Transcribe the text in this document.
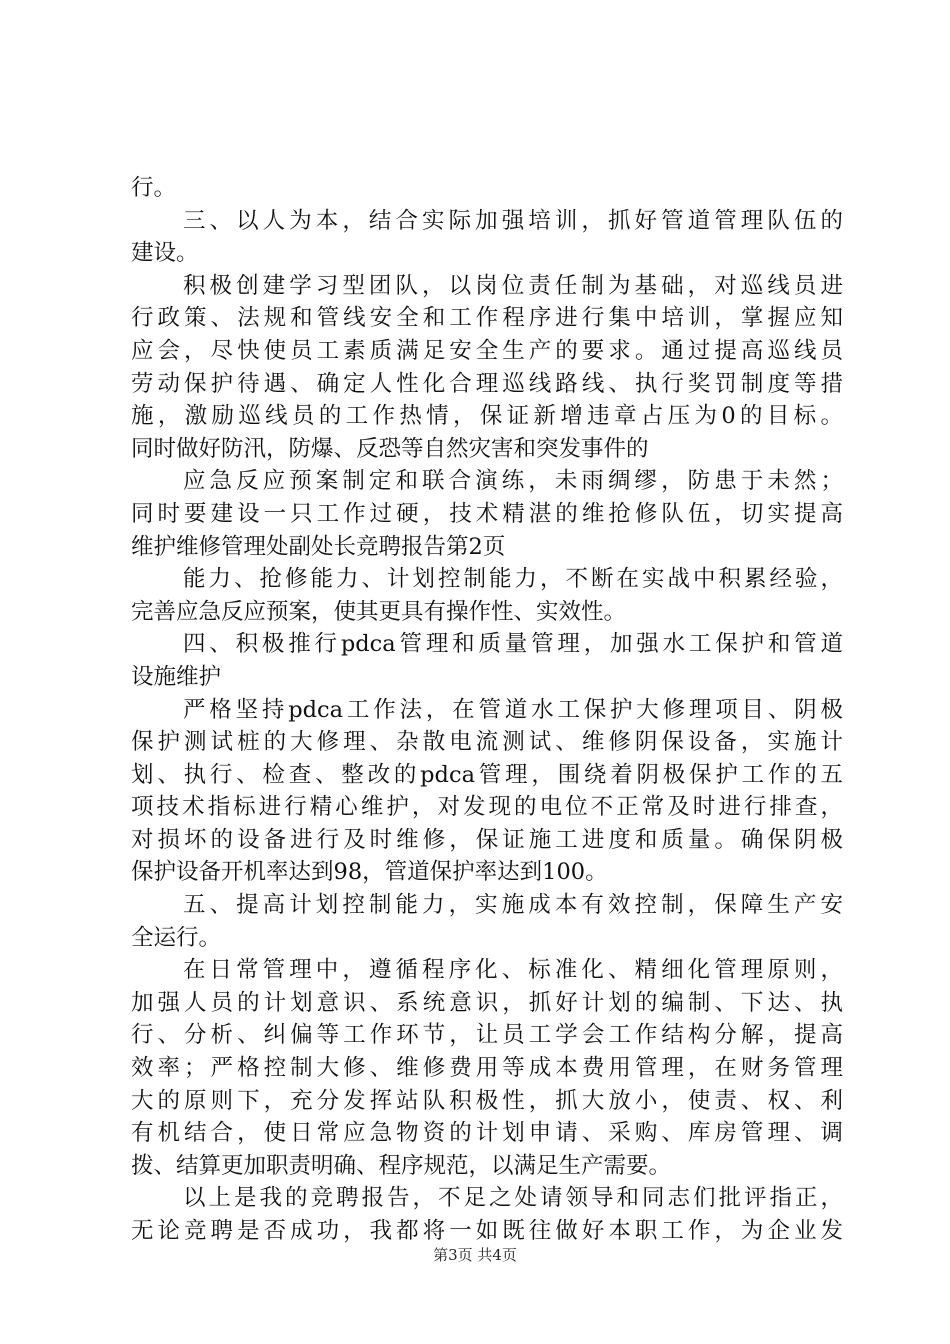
行。
三、以人为本，结合实际加强培训，抓好管道管理队伍的
建设。
积极创建学习型团队，以岗位责任制为基础，对巡线员进
行政策、法规和管线安全和工作程序进行集中培训，掌握应知
应会，尽快使员工素质满足安全生产的要求。通过提高巡线员
劳动保护待遇、确定人性化合理巡线路线、执行奖罚制度等措
施，激励巡线员的工作热情，保证新增违章占压为0的目标。
同时做好防汛，防爆、反恐等自然灾害和突发事件的
应急反应预案制定和联合演练，未雨绸缪，防患于未然；
同时要建设一只工作过硬，技术精湛的维抢修队伍，切实提高
维护维修管理处副处长竞聘报告第2页
能力、抢修能力、计划控制能力，不断在实战中积累经验，
完善应急反应预案，使其更具有操作性、实效性。
四、积极推行pdca管理和质量管理，加强水工保护和管道
设施维护
严格坚持pdca工作法，在管道水工保护大修理项目、阴极
保护测试桩的大修理、杂散电流测试、维修阴保设备，实施计
划、执行、检查、整改的pdca管理，围绕着阴极保护工作的五
项技术指标进行精心维护，对发现的电位不正常及时进行排查，
对损坏的设备进行及时维修，保证施工进度和质量。确保阴极
保护设备开机率达到98，管道保护率达到100。
五、提高计划控制能力，实施成本有效控制，保障生产安
全运行。
在日常管理中，遵循程序化、标准化、精细化管理原则，
加强人员的计划意识、系统意识，抓好计划的编制、下达、执
行、分析、纠偏等工作环节，让员工学会工作结构分解，提高
效率；严格控制大修、维修费用等成本费用管理，在财务管理
大的原则下，充分发挥站队积极性，抓大放小，使责、权、利
有机结合，使日常应急物资的计划申请、采购、库房管理、调
拨、结算更加职责明确、程序规范，以满足生产需要。
以上是我的竞聘报告，不足之处请领导和同志们批评指正，
无论竞聘是否成功，我都将一如既往做好本职工作，为企业发
第3页 共4页
